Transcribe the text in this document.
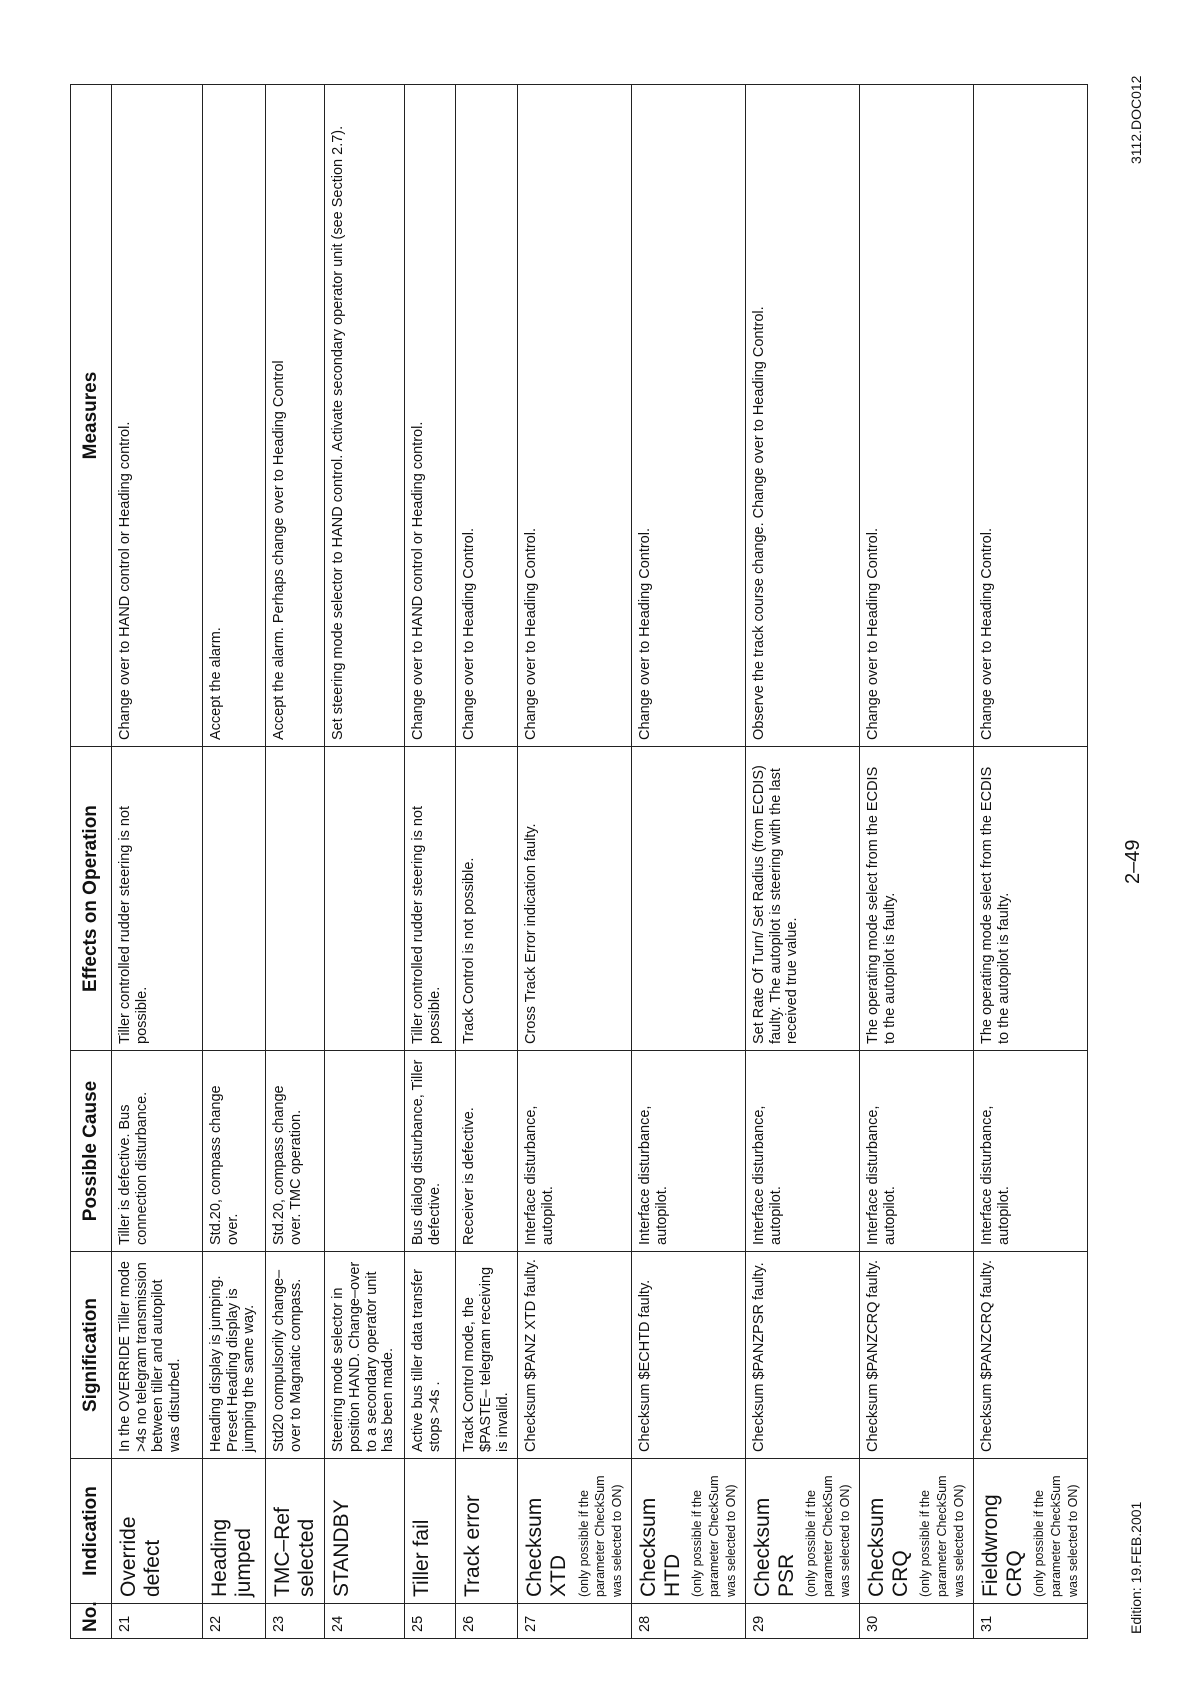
No.	Indication	Signification	Possible Cause	Effects on Operation	Measures
21	Override defect	In the OVERRIDE Tiller mode >4s no telegram transmission between tiller and autopilot was disturbed.	Tiller is defective. Bus connection disturbance.	Tiller controlled rudder steering is not possible.	Change over to HAND control or Heading control.
22	Heading jumped	Heading display is jumping. Preset Heading display is jumping the same way.	Std.20, compass change over.		Accept the alarm.
23	TMC–Ref selected	Std20 compulsorily change–over to Magnatic compass.	Std.20, compass change over. TMC operation.		Accept the alarm. Perhaps change over to Heading Control
24	STANDBY	Steering mode selector in position HAND. Change–over to a secondary operator unit has been made.			Set steering mode selector to HAND control. Activate secondary operator unit (see Section 2.7).
25	Tiller fail	Active bus tiller data transfer stops >4s .	Bus dialog disturbance, Tiller defective.	Tiller controlled rudder steering is not possible.	Change over to HAND control or Heading control.
26	Track error	Track Control mode, the $PASTE– telegram receiving is invalid.	Receiver is defective.	Track Control is not possible.	Change over to Heading Control.
27	Checksum XTD (only possible if the parameter CheckSum was selected to ON)	Checksum $PANZ XTD faulty.	Interface disturbance, autopilot.	Cross Track Error indication faulty.	Change over to Heading Control.
28	Checksum HTD (only possible if the parameter CheckSum was selected to ON)	Checksum $ECHTD faulty.	Interface disturbance, autopilot.		Change over to Heading Control.
29	Checksum PSR (only possible if the parameter CheckSum was selected to ON)	Checksum $PANZPSR faulty.	Interface disturbance, autopilot.	Set Rate Of Turn/ Set Radius (from ECDIS) faulty. The autopilot is steering with the last received true value.	Observe the track course change. Change over to Heading Control.
30	Checksum CRQ (only possible if the parameter CheckSum was selected to ON)	Checksum $PANZCRQ faulty.	Interface disturbance, autopilot.	The operating mode select from the ECDIS to the autopilot is faulty.	Change over to Heading Control.
31	Fieldwrong CRQ (only possible if the parameter CheckSum was selected to ON)	Checksum $PANZCRQ faulty.	Interface disturbance, autopilot.	The operating mode select from the ECDIS to the autopilot is faulty.	Change over to Heading Control.
Edition: 19.FEB.2001
2–49
3112.DOC012
